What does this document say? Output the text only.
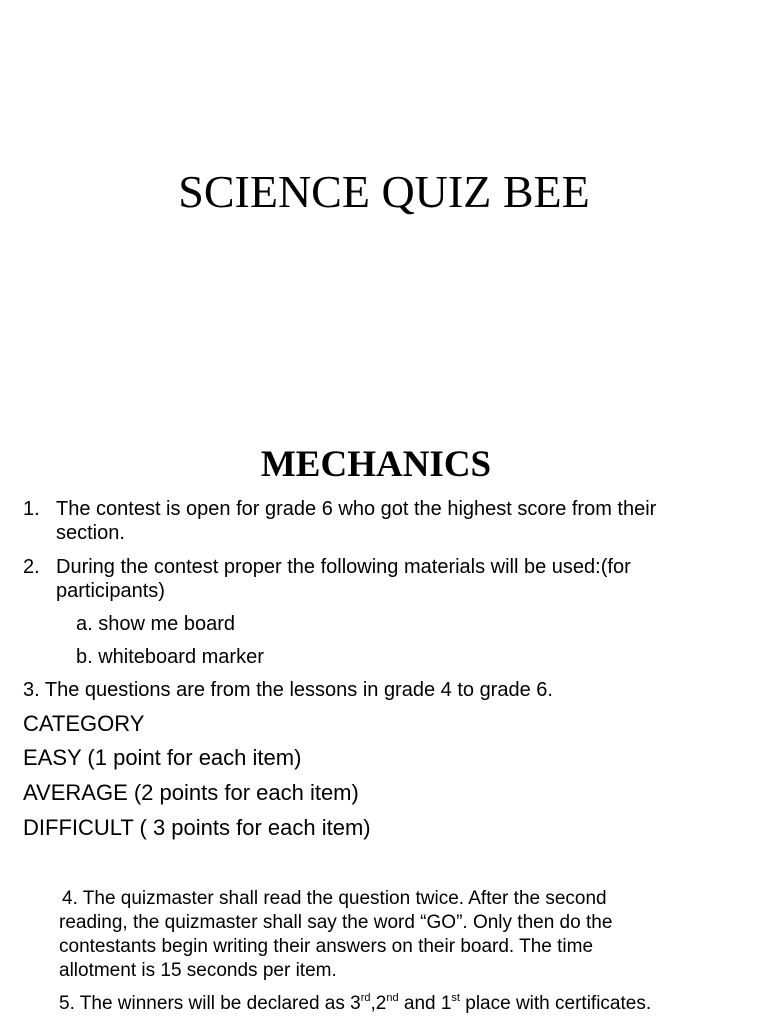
SCIENCE QUIZ BEE
MECHANICS
1. The contest is open for grade 6 who got the highest score from their
section.
2. During the contest proper the following materials will be used:(for
participants)
a. show me board
b. whiteboard marker
3. The questions are from the lessons in grade 4 to grade 6.
CATEGORY
EASY (1 point for each item)
AVERAGE (2 points for each item)
DIFFICULT ( 3 points for each item)
4. The quizmaster shall read the question twice. After the second
reading, the quizmaster shall say the word “GO”. Only then do the
contestants begin writing their answers on their board. The time
allotment is 15 seconds per item.
5. The winners will be declared as 3rd,2nd and 1st place with certificates.
